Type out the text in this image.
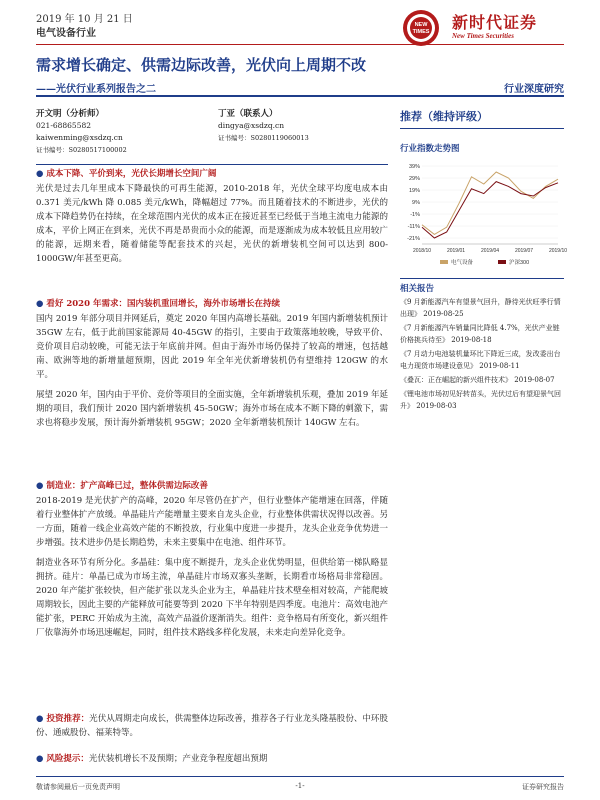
2019 年 10 月 21 日
电气设备行业
NEW
TIMES 新时代证券
New Times Securities
需求增长确定、供需边际改善，光伏向上周期不改
——光伏行业系列报告之二	行业深度研究
开文明（分析师）
021-68865582
kaiwenming@xsdzq.cn
证书编号：S0280517100002
丁亚（联系人）
dingya@xsdzq.cn
证书编号：S0280119060013
● 成本下降、平价到来，光伏长期增长空间广阔
光伏是过去几年里成本下降最快的可再生能源，2010-2018 年，光伏全球平均度电成本由 0.371 美元/kWh 降 0.085 美元/kWh，降幅超过 77%。而且随着技术的不断进步，光伏的成本下降趋势仍在持续，在全球范围内光伏的成本正在接近甚至已经低于当地主流电力能源的成本，平价上网正在到来，光伏不再是昂贵而小众的能源，而是逐渐成为成本较低且应用较广的能源，远期来看，随着储能等配套技术的兴起，光伏的新增装机空间可以达到 800-1000GW/年甚至更高。
● 看好 2020 年需求：国内装机重回增长，海外市场增长在持续
国内 2019 年部分项目并网延后，奠定 2020 年国内高增长基础。2019 年国内新增装机预计 35GW 左右，低于此前国家能源局 40-45GW 的指引，主要由于政策落地较晚，导致平价、竞价项目启动较晚，可能无法于年底前并网。但由于海外市场仍保持了较高的增速，包括越南、欧洲等地的新增量超预期，因此 2019 年全年光伏新增装机仍有望维持 120GW 的水平。
展望 2020 年，国内由于平价、竞价等项目的全面实施，全年新增装机乐观，叠加 2019 年延期的项目，我们预计 2020 国内新增装机 45-50GW；海外市场在成本不断下降的刺激下，需求也将稳步发展，预计海外新增装机 95GW；2020 全年新增装机预计 140GW 左右。
● 制造业：扩产高峰已过，整体供需边际改善
2018-2019 是光伏扩产的高峰，2020 年尽管仍在扩产，但行业整体产能增速在回落，伴随着行业整体扩产放缓。单晶硅片产能增量主要来自龙头企业，行业整体供需状况得以改善。另一方面，随着一线企业高效产能的不断投放，行业集中度进一步提升，龙头企业竞争优势进一步增强。技术进步仍是长期趋势，未来主要集中在电池、组件环节。
制造业各环节有所分化。多晶硅：集中度不断提升，龙头企业优势明显，但供给第一梯队略显拥挤。硅片：单晶已成为市场主流，单晶硅片市场双寡头垄断，长期看市场格局非常稳固。2020 年产能扩张较快，但产能扩张以龙头企业为主，单晶硅片技术壁垒相对较高，产能爬坡周期较长，因此主要的产能释放可能要等到 2020 下半年特别是四季度。电池片：高效电池产能扩张，PERC 开始成为主流，高效产品溢价逐渐消失。组件：竞争格局有所变化，新兴组件厂依靠海外市场迅速崛起，同时，组件技术路线多样化发展，未来走向差异化竞争。
● 投资推荐：光伏从周期走向成长，供需整体边际改善，推荐各子行业龙头隆基股份、中环股份、通威股份、福莱特等。
● 风险提示：光伏装机增长不及预期；产业竞争程度超出预期
推荐（维持评级）
行业指数走势图
39%
29%
19%
9%
-1%
-11%
-21%
2018/10	2019/01	2019/04	2019/07	2019/10
电气设备	沪深300
相关报告
《9 月新能源汽车有望景气回升，静待光伏旺季行情出现》 2019-08-25
《7 月新能源汽车销量同比降低 4.7%，光伏产业链价格挑兵待至》 2019-08-18
《7 月动力电池装机量环比下降近三成，发改委出台电力现货市场建设意见》 2019-08-11
《叠瓦：正在崛起的新兴组件技术》 2019-08-07
《锂电池市场初见好转苗头，光伏过后有望迎景气回升》 2019-08-03
敬请参阅最后一页免责声明	-1-	证券研究报告
